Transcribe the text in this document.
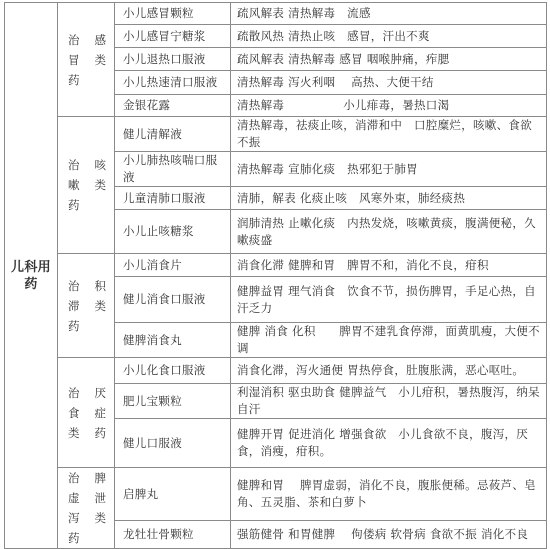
儿科用药	治感冒类药	小儿感冒颗粒	疏风解表 清热解毒　流感
		小儿感冒宁糖浆	疏散风热 清热止咳　感冒，汗出不爽
		小儿退热口服液	疏风解表 清热解毒 感冒 咽喉肿痛，痄腮
		小儿热速清口服液	清热解毒 泻火利咽　 高热、大便干结
		金银花露	清热解毒　　　　　小儿痱毒，暑热口渴
	治咳嗽类药	健儿清解液	清热解毒，祛痰止咳，消滞和中　口腔糜烂，咳嗽、食欲不振
		小儿肺热咳喘口服液	清热解毒 宣肺化痰　热邪犯于肺胃
		儿童清肺口服液	清肺，解表 化痰止咳　风寒外束，肺经痰热
		小儿止咳糖浆	润肺清热 止嗽化痰　内热发烧，咳嗽黄痰，腹满便秘，久嗽痰盛
	治积滞类药	小儿消食片	消食化滞 健脾和胃　脾胃不和，消化不良，疳积
		健儿消食口服液	健脾益胃 理气消食　饮食不节，损伤脾胃，手足心热，自汗乏力
		健脾消食丸	健脾 消食 化积　　脾胃不建乳食停滞，面黄肌瘦，大便不调
	治厌食症类药	小儿化食口服液	消食化滞，泻火通便 胃热停食，肚腹胀满，恶心呕吐。
		肥儿宝颗粒	利湿消积 驱虫助食 健脾益气　小儿疳积，暑热腹泻，纳呆自汗
		健儿口服液	健脾开胃 促进消化 增强食欲　小儿食欲不良，腹泻，厌食，消瘦，疳积。
	治脾虚泄泻类药	启脾丸	健脾和胃　 脾胃虚弱，消化不良，腹胀便稀。忌莜芦、皂角、五灵脂、茶和白萝卜
		龙牡壮骨颗粒	强筋健骨 和胃健脾　 佝偻病 软骨病 食欲不振 消化不良
